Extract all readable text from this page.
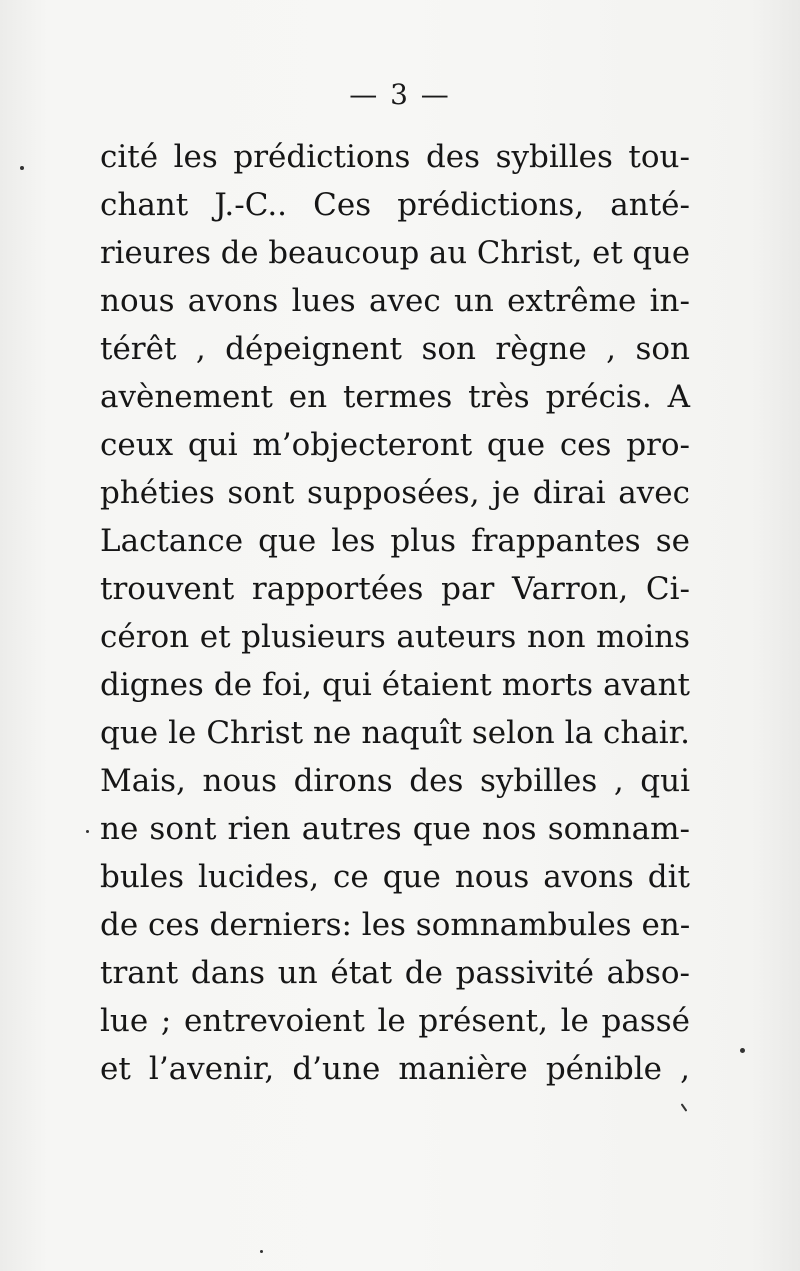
— 3 —
cité les prédictions des sybilles tou-
chant J.-C.. Ces prédictions, anté-
rieures de beaucoup au Christ, et que
nous avons lues avec un extrême in-
térêt , dépeignent son règne , son
avènement en termes très précis. A
ceux qui m’objecteront que ces pro-
phéties sont supposées, je dirai avec
Lactance que les plus frappantes se
trouvent rapportées par Varron, Ci-
céron et plusieurs auteurs non moins
dignes de foi, qui étaient morts avant
que le Christ ne naquît selon la chair.
Mais, nous dirons des sybilles , qui
ne sont rien autres que nos somnam-
bules lucides, ce que nous avons dit
de ces derniers: les somnambules en-
trant dans un état de passivité abso-
lue ; entrevoient le présent, le passé
et l’avenir, d’une manière pénible ,
